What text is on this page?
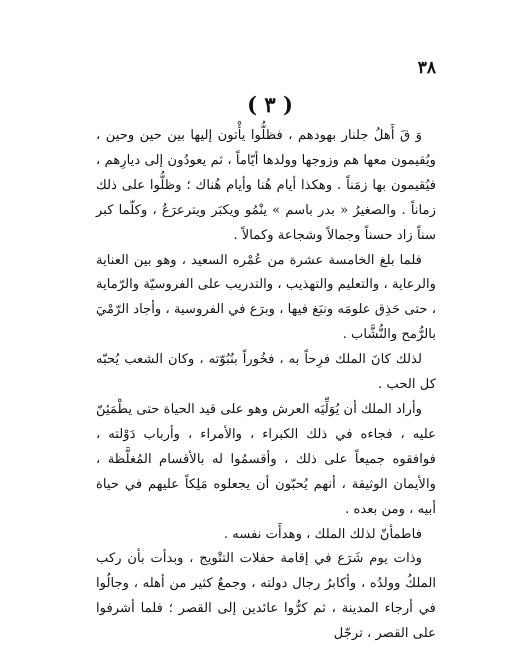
٣٨
( ٣ )

وَ قَ أَهلُ جلنار بهودهم ، فظلُّوا يأْتون إليها بين حين وحين ، ويُقيمون معها هم وزوجها وولدها أيّاماً ، ثم يعودُون إلى ديارِهم ، فيُقيمون بها زمَناً . وهكذا أيام هُنا وأيام هُناك ؛ وظلُّوا على ذلك زماناً . والصغيرُ « بدر باسم » ينْمُو ويكبَر ويترعرَعُ ، وكلّما كبر سناً زاد حسناً وجمالاً وشجاعة وكمالاً .

فلما بلغ الخامسة عشرة من عُمْره السعيد ، وهو بين العناية والرعاية ، والتعليم والتهذيب ، والتدريب على الفروسيّة والرّماية ، حتى حَذِق علومَه ونبَغ فيها ، وبرَع في الفروسية ، وأجاد الرّمْيَ بالرُّمح والنُّشَّاب .

لذلك كانَ الملك فرِحاً به ، فخُوراً بنُبُوّته ، وكان الشعب يُحبّه كل الحب .

وأراد الملك أن يُوَلِّيَه العرش وهو على قيد الحياة حتى يطْمَئِنّ عليه ، فجاءه في ذلك الكبراء ، والأمراء ، وأرباب دَوْلته ، فوافقوه جميعاً على ذلك ، وأقسمُوا له بالأقسام المُغلَّظة ، والأيمان الوثيقة ، أنهم يُحبّون أن يجعلوه مَلِكاً عليهم في حياة أبيه ، ومن بعده .

فاطمأنّ لذلك الملك ، وهدأَت نفسه .

وذات يوم شَرَع في إقامة حفلات التتْويج ، وبدأت بأن ركب الملكُ وولدُه ، وأكابرُ رجال دولته ، وجمعٌ كثير من أهله ، وجالُوا في أرجاء المدينة ، ثم كرُّوا عائدين إلى القصر ؛ فلما أشرفوا على القصر ، ترجّل
